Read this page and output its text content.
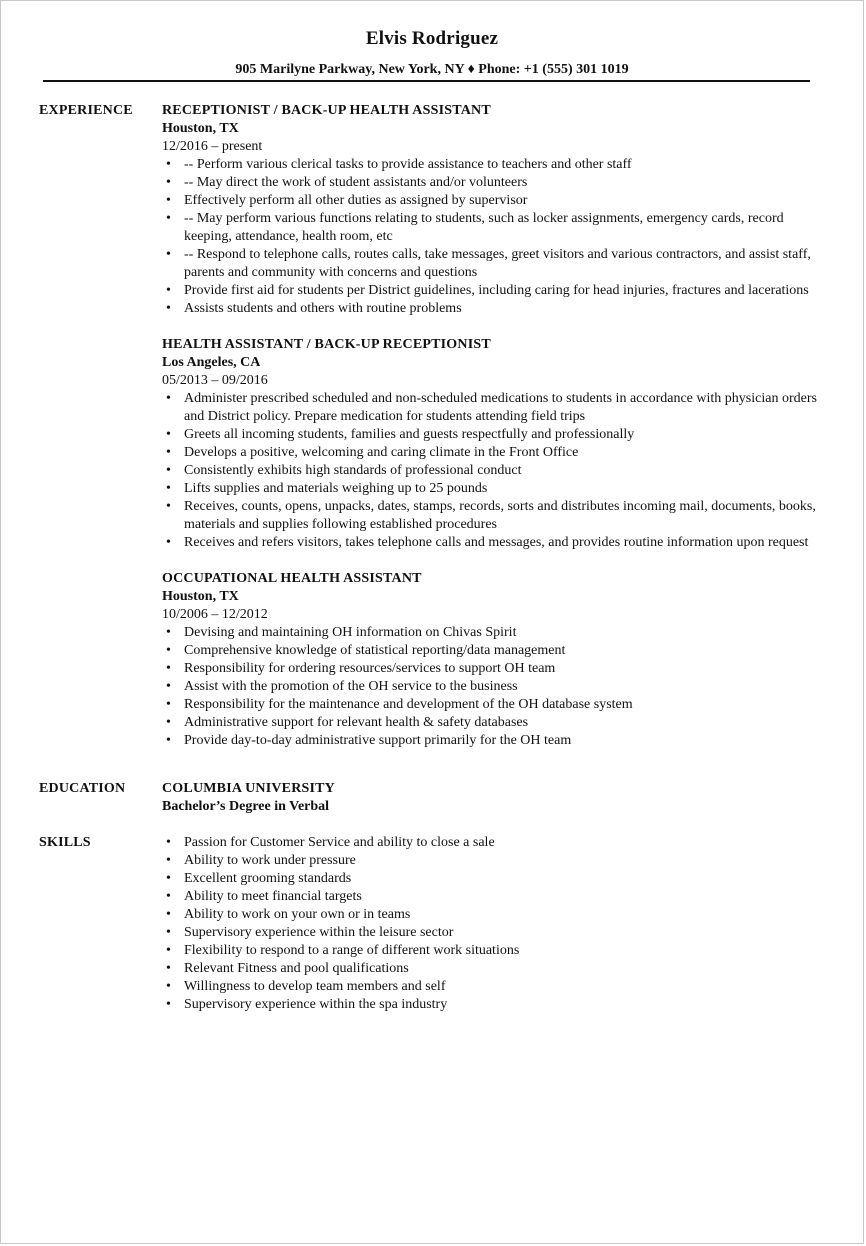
Elvis Rodriguez
905 Marilyne Parkway, New York, NY ♦ Phone: +1 (555) 301 1019
EXPERIENCE RECEPTIONIST / BACK-UP HEALTH ASSISTANT
Houston, TX
12/2016 – present
• -- Perform various clerical tasks to provide assistance to teachers and other staff
• -- May direct the work of student assistants and/or volunteers
• Effectively perform all other duties as assigned by supervisor
• -- May perform various functions relating to students, such as locker assignments, emergency cards, record keeping, attendance, health room, etc
• -- Respond to telephone calls, routes calls, take messages, greet visitors and various contractors, and assist staff, parents and community with concerns and questions
• Provide first aid for students per District guidelines, including caring for head injuries, fractures and lacerations
• Assists students and others with routine problems
HEALTH ASSISTANT / BACK-UP RECEPTIONIST
Los Angeles, CA
05/2013 – 09/2016
• Administer prescribed scheduled and non-scheduled medications to students in accordance with physician orders and District policy. Prepare medication for students attending field trips
• Greets all incoming students, families and guests respectfully and professionally
• Develops a positive, welcoming and caring climate in the Front Office
• Consistently exhibits high standards of professional conduct
• Lifts supplies and materials weighing up to 25 pounds
• Receives, counts, opens, unpacks, dates, stamps, records, sorts and distributes incoming mail, documents, books, materials and supplies following established procedures
• Receives and refers visitors, takes telephone calls and messages, and provides routine information upon request
OCCUPATIONAL HEALTH ASSISTANT
Houston, TX
10/2006 – 12/2012
• Devising and maintaining OH information on Chivas Spirit
• Comprehensive knowledge of statistical reporting/data management
• Responsibility for ordering resources/services to support OH team
• Assist with the promotion of the OH service to the business
• Responsibility for the maintenance and development of the OH database system
• Administrative support for relevant health & safety databases
• Provide day-to-day administrative support primarily for the OH team
EDUCATION	COLUMBIA UNIVERSITY
Bachelor’s Degree in Verbal
SKILLS	• Passion for Customer Service and ability to close a sale
• Ability to work under pressure
• Excellent grooming standards
• Ability to meet financial targets
• Ability to work on your own or in teams
• Supervisory experience within the leisure sector
• Flexibility to respond to a range of different work situations
• Relevant Fitness and pool qualifications
• Willingness to develop team members and self
• Supervisory experience within the spa industry
